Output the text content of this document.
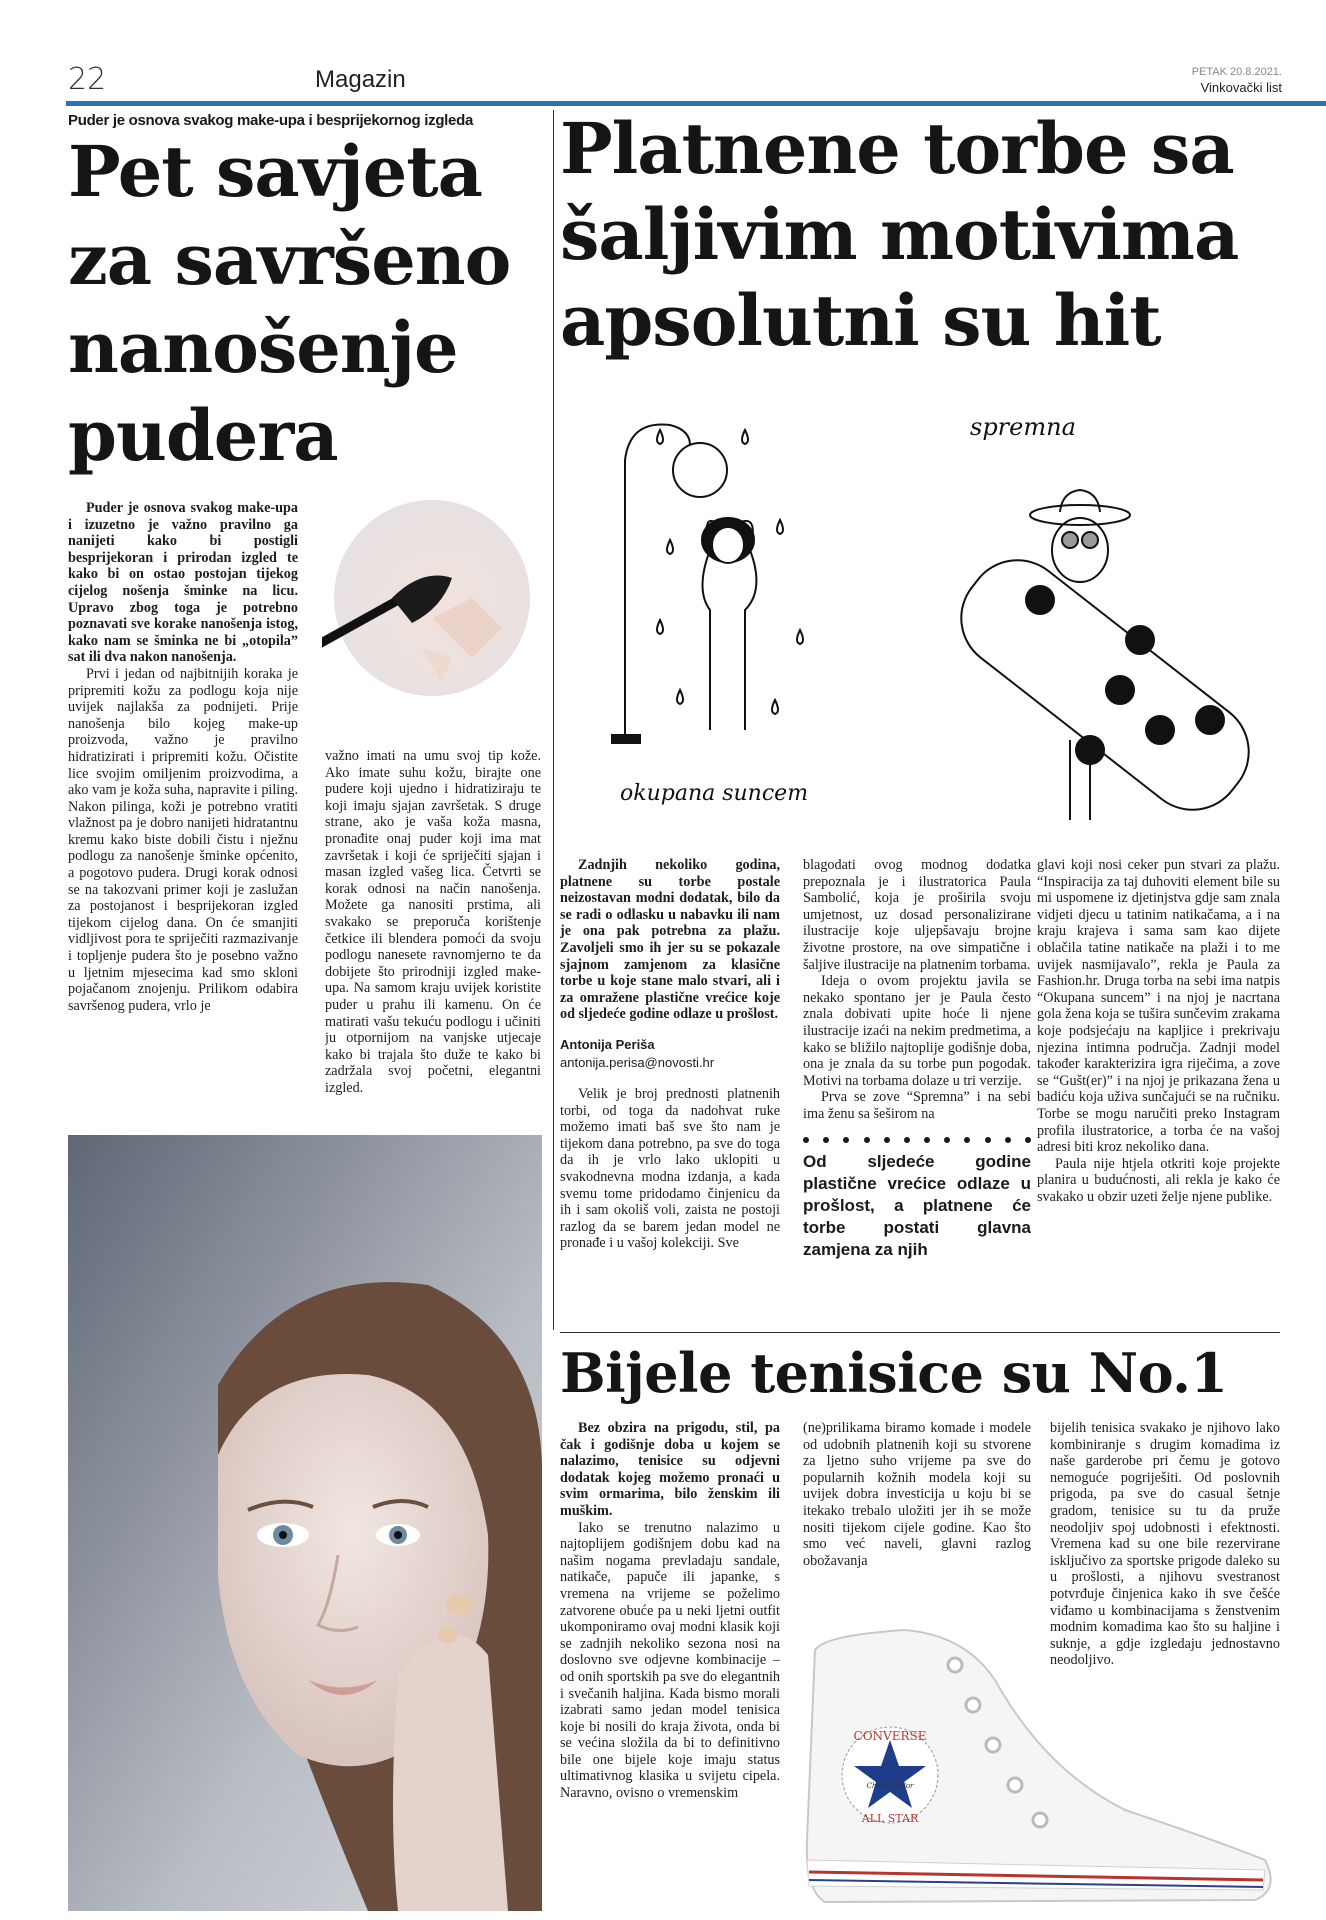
22	Magazin	PETAK 20.8.2021.
Vinkovački list
Puder je osnova svakog make-upa i besprijekornog izgleda
Pet savjeta
za savršeno
nanošenje
pudera

Puder je osnova svakog make-upa i izuzetno je važno pravilno ga nanijeti kako bi postigli besprijekoran i prirodan izgled te kako bi on ostao postojan tijekog cijelog nošenja šminke na licu. Upravo zbog toga je potrebno poznavati sve korake nanošenja istog, kako nam se šminka ne bi „otopila” sat ili dva nakon nanošenja.

Prvi i jedan od najbitnijih koraka je pripremiti kožu za podlogu koja nije uvijek najlakša za podnijeti. Prije nanošenja bilo kojeg make-up proizvoda, važno je pravilno hidratizirati i pripremiti kožu. Očistite lice svojim omiljenim proizvodima, a ako vam je koža suha, napravite i piling. Nakon pilinga, koži je potrebno vratiti vlažnost pa je dobro nanijeti hidratantnu kremu kako biste dobili čistu i nježnu podlogu za nanošenje šminke općenito, a pogotovo pudera. Drugi korak odnosi se na takozvani primer koji je zaslužan za postojanost i besprijekoran izgled tijekom cijelog dana. On će smanjiti vidljivost pora te spriječiti razmazivanje i topljenje pudera što je posebno važno u ljetnim mjesecima kad smo skloni pojačanom znojenju. Prilikom odabira savršenog pudera, vrlo je

važno imati na umu svoj tip kože. Ako imate suhu kožu, birajte one pudere koji ujedno i hidratiziraju te koji imaju sjajan završetak. S druge strane, ako je vaša koža masna, pronađite onaj puder koji ima mat završetak i koji će spriječiti sjajan i masan izgled vašeg lica. Četvrti se korak odnosi na način nanošenja. Možete ga nanositi prstima, ali svakako se preporuča korištenje četkice ili blendera pomoći da svoju podlogu nanesete ravnomjerno te da dobijete što prirodniji izgled make-upa. Na samom kraju uvijek koristite puder u prahu ili kamenu. On će matirati vašu tekuću podlogu i učiniti ju otpornijom na vanjske utjecaje kako bi trajala što duže te kako bi zadržala svoj početni, elegantni izgled.

Platnene torbe sa
šaljivim motivima
apsolutni su hit
okupana suncem
spremna

Zadnjih nekoliko godina, platnene su torbe postale neizostavan modni dodatak, bilo da se radi o odlasku u nabavku ili nam je ona pak potrebna za plažu. Zavoljeli smo ih jer su se pokazale sjajnom zamjenom za klasične torbe u koje stane malo stvari, ali i za omražene plastične vrećice koje od sljedeće godine odlaze u prošlost.

Antonija Periša
antonija.perisa@novosti.hr

Velik je broj prednosti platnenih torbi, od toga da nadohvat ruke možemo imati baš sve što nam je tijekom dana potrebno, pa sve do toga da ih je vrlo lako uklopiti u svakodnevna modna izdanja, a kada svemu tome pridodamo činjenicu da ih i sam okoliš voli, zaista ne postoji razlog da se barem jedan model ne pronađe i u vašoj kolekciji. Sve

blagodati ovog modnog dodatka prepoznala je i ilustratorica Paula Sambolić, koja je proširila svoju umjetnost, uz dosad personalizirane ilustracije koje uljepšavaju brojne životne prostore, na ove simpatične i šaljive ilustracije na platnenim torbama.

Ideja o ovom projektu javila se nekako spontano jer je Paula često znala dobivati upite hoće li njene ilustracije izaći na nekim predmetima, a kako se bližilo najtoplije godišnje doba, ona je znala da su torbe pun pogodak. Motivi na torbama dolaze u tri verzije.

Prva se zove “Spremna” i na sebi ima ženu sa šeširom na

Od sljedeće godine plastične vrećice odlaze u prošlost, a platnene će torbe postati glavna zamjena za njih

glavi koji nosi ceker pun stvari za plažu. “Inspiracija za taj duhoviti element bile su mi uspomene iz djetinjstva gdje sam znala vidjeti djecu u tatinim natikačama, a i na kraju krajeva i sama sam kao dijete oblačila tatine natikače na plaži i to me uvijek nasmijavalo”, rekla je Paula za Fashion.hr. Druga torba na sebi ima natpis “Okupana suncem” i na njoj je nacrtana gola žena koja se tušira sunčevim zrakama koje podsjećaju na kapljice i prekrivaju njezina intimna područja. Zadnji model također karakterizira igra riječima, a zove se “Gušt(er)” i na njoj je prikazana žena u badiću koja uživa sunčajući se na ručniku. Torbe se mogu naručiti preko Instagram profila ilustratorice, a torba će na vašoj adresi biti kroz nekoliko dana.

Paula nije htjela otkriti koje projekte planira u budućnosti, ali rekla je kako će svakako u obzir uzeti želje njene publike.

Bijele tenisice su No.1

Bez obzira na prigodu, stil, pa čak i godišnje doba u kojem se nalazimo, tenisice su odjevni dodatak kojeg možemo pronaći u svim ormarima, bilo ženskim ili muškim.

Iako se trenutno nalazimo u najtoplijem godišnjem dobu kad na našim nogama prevladaju sandale, natikače, papuče ili japanke, s vremena na vrijeme se poželimo zatvorene obuće pa u neki ljetni outfit ukomponiramo ovaj modni klasik koji se zadnjih nekoliko sezona nosi na doslovno sve odjevne kombinacije – od onih sportskih pa sve do elegantnih i svečanih haljina. Kada bismo morali izabrati samo jedan model tenisica koje bi nosili do kraja života, onda bi se većina složila da bi to definitivno bile one bijele koje imaju status ultimativnog klasika u svijetu cipela. Naravno, ovisno o vremenskim

(ne)prilikama biramo komade i modele od udobnih platnenih koji su stvorene za ljetno suho vrijeme pa sve do popularnih kožnih modela koji su uvijek dobra investicija u koju bi se itekako trebalo uložiti jer ih se može nositi tijekom cijele godine. Kao što smo već naveli, glavni razlog obožavanja

bijelih tenisica svakako je njihovo lako kombiniranje s drugim komadima iz naše garderobe pri čemu je gotovo nemoguće pogriješiti. Od poslovnih prigoda, pa sve do casual šetnje gradom, tenisice su tu da pruže neodoljiv spoj udobnosti i efektnosti. Vremena kad su one bile rezervirane isključivo za sportske prigode daleko su u prošlosti, a njihovu svestranost potvrđuje činjenica kako ih sve češće viđamo u kombinacijama s ženstvenim modnim komadima kao što su haljine i suknje, a gdje izgledaju jednostavno neodoljivo.

CONVERSE
ALL STAR
Chuck Taylor
